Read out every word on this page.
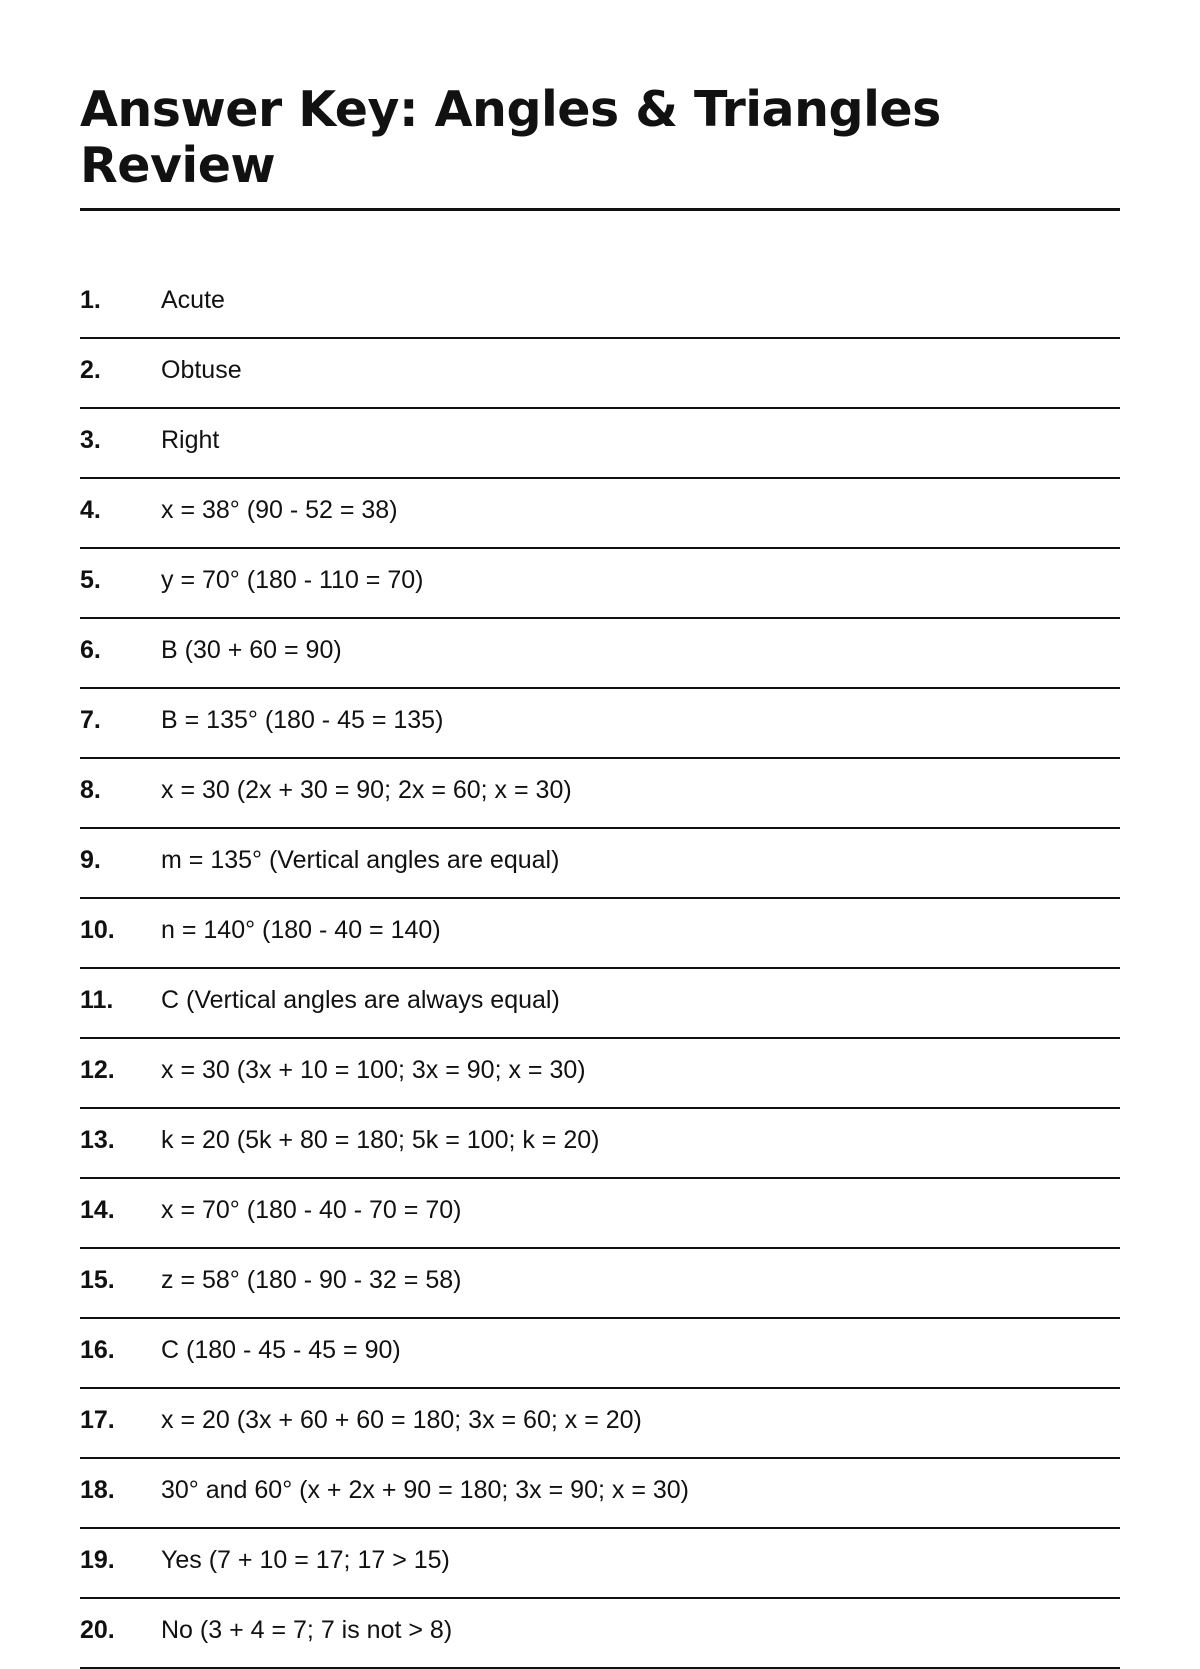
Answer Key: Angles & Triangles Review
1. Acute
2. Obtuse
3. Right
4. x = 38° (90 - 52 = 38)
5. y = 70° (180 - 110 = 70)
6. B (30 + 60 = 90)
7. B = 135° (180 - 45 = 135)
8. x = 30 (2x + 30 = 90; 2x = 60; x = 30)
9. m = 135° (Vertical angles are equal)
10. n = 140° (180 - 40 = 140)
11. C (Vertical angles are always equal)
12. x = 30 (3x + 10 = 100; 3x = 90; x = 30)
13. k = 20 (5k + 80 = 180; 5k = 100; k = 20)
14. x = 70° (180 - 40 - 70 = 70)
15. z = 58° (180 - 90 - 32 = 58)
16. C (180 - 45 - 45 = 90)
17. x = 20 (3x + 60 + 60 = 180; 3x = 60; x = 20)
18. 30° and 60° (x + 2x + 90 = 180; 3x = 90; x = 30)
19. Yes (7 + 10 = 17; 17 > 15)
20. No (3 + 4 = 7; 7 is not > 8)
